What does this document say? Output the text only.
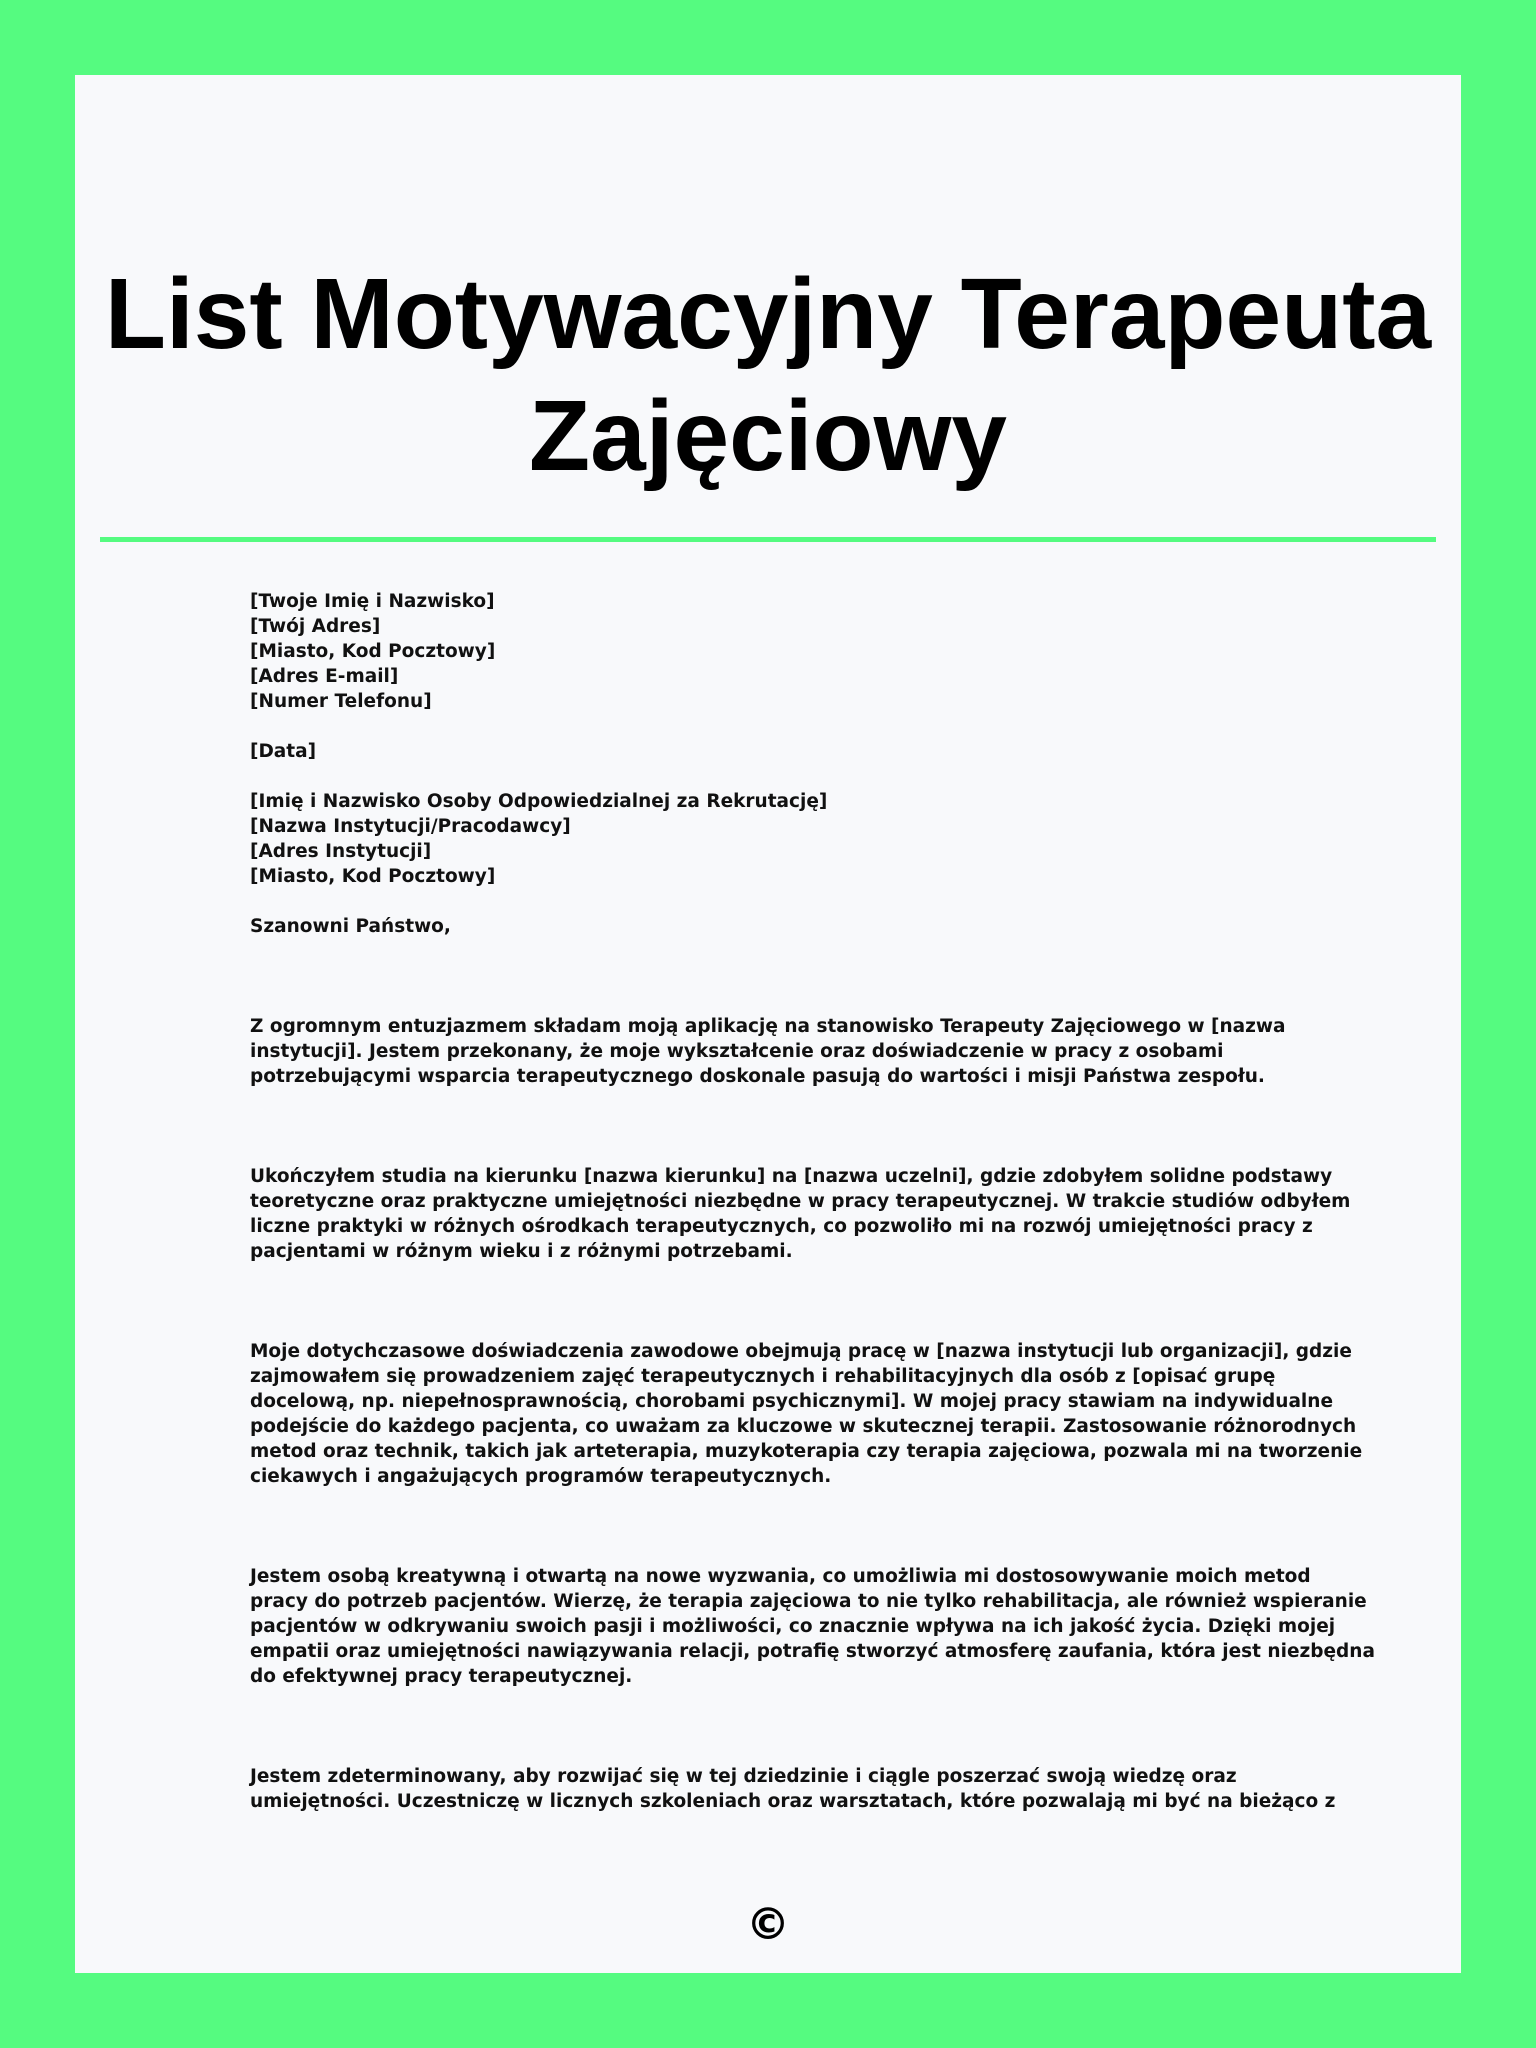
List Motywacyjny Terapeuta Zajęciowy
[Twoje Imię i Nazwisko]
[Twój Adres]
[Miasto, Kod Pocztowy]
[Adres E-mail]
[Numer Telefonu]
[Data]
[Imię i Nazwisko Osoby Odpowiedzialnej za Rekrutację]
[Nazwa Instytucji/Pracodawcy]
[Adres Instytucji]
[Miasto, Kod Pocztowy]
Szanowni Państwo,

Z ogromnym entuzjazmem składam moją aplikację na stanowisko Terapeuty Zajęciowego w [nazwa
instytucji]. Jestem przekonany, że moje wykształcenie oraz doświadczenie w pracy z osobami
potrzebującymi wsparcia terapeutycznego doskonale pasują do wartości i misji Państwa zespołu.

Ukończyłem studia na kierunku [nazwa kierunku] na [nazwa uczelni], gdzie zdobyłem solidne podstawy
teoretyczne oraz praktyczne umiejętności niezbędne w pracy terapeutycznej. W trakcie studiów odbyłem
liczne praktyki w różnych ośrodkach terapeutycznych, co pozwoliło mi na rozwój umiejętności pracy z
pacjentami w różnym wieku i z różnymi potrzebami.

Moje dotychczasowe doświadczenia zawodowe obejmują pracę w [nazwa instytucji lub organizacji], gdzie
zajmowałem się prowadzeniem zajęć terapeutycznych i rehabilitacyjnych dla osób z [opisać grupę
docelową, np. niepełnosprawnością, chorobami psychicznymi]. W mojej pracy stawiam na indywidualne
podejście do każdego pacjenta, co uważam za kluczowe w skutecznej terapii. Zastosowanie różnorodnych
metod oraz technik, takich jak arteterapia, muzykoterapia czy terapia zajęciowa, pozwala mi na tworzenie
ciekawych i angażujących programów terapeutycznych.

Jestem osobą kreatywną i otwartą na nowe wyzwania, co umożliwia mi dostosowywanie moich metod
pracy do potrzeb pacjentów. Wierzę, że terapia zajęciowa to nie tylko rehabilitacja, ale również wspieranie
pacjentów w odkrywaniu swoich pasji i możliwości, co znacznie wpływa na ich jakość życia. Dzięki mojej
empatii oraz umiejętności nawiązywania relacji, potrafię stworzyć atmosferę zaufania, która jest niezbędna
do efektywnej pracy terapeutycznej.

Jestem zdeterminowany, aby rozwijać się w tej dziedzinie i ciągle poszerzać swoją wiedzę oraz
umiejętności. Uczestniczę w licznych szkoleniach oraz warsztatach, które pozwalają mi być na bieżąco z

©
